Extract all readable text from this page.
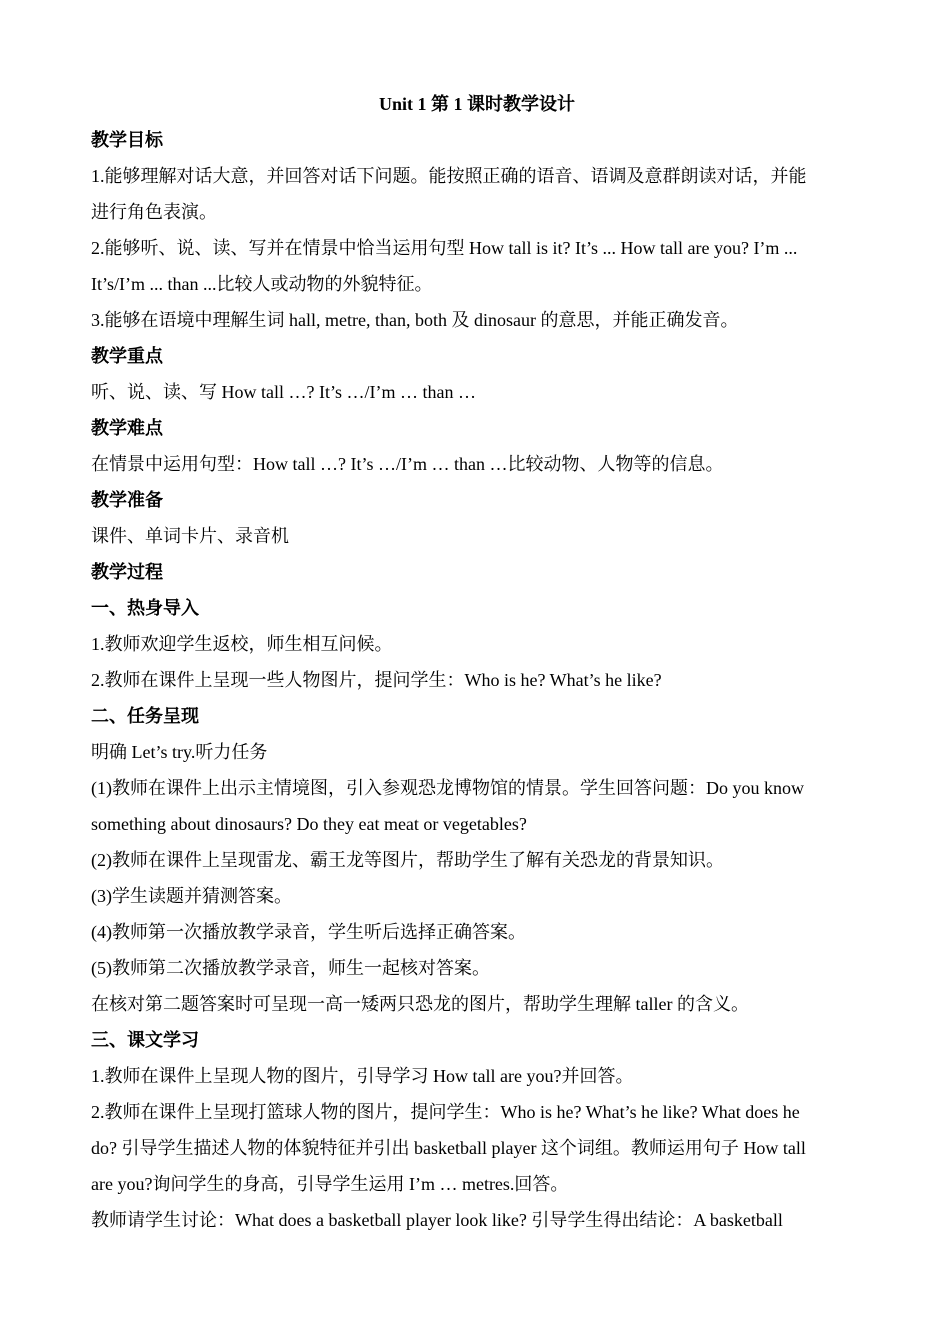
Unit 1 第 1 课时教学设计

教学目标

1.能够理解对话大意，并回答对话下问题。能按照正确的语音、语调及意群朗读对话，并能

进行角色表演。

2.能够听、说、读、写并在情景中恰当运用句型 How tall is it? It’s ... How tall are you? I’m ...

It’s/I’m ... than ...比较人或动物的外貌特征。

3.能够在语境中理解生词 hall, metre, than, both 及 dinosaur 的意思，并能正确发音。

教学重点

听、说、读、写 How tall …? It’s …/I’m … than …

教学难点

在情景中运用句型：How tall …? It’s …/I’m … than …比较动物、人物等的信息。

教学准备

课件、单词卡片、录音机

教学过程

一、热身导入

1.教师欢迎学生返校，师生相互问候。

2.教师在课件上呈现一些人物图片，提问学生：Who is he? What’s he like?

二、任务呈现

明确 Let’s try.听力任务

(1)教师在课件上出示主情境图，引入参观恐龙博物馆的情景。学生回答问题：Do you know

something about dinosaurs? Do they eat meat or vegetables?

(2)教师在课件上呈现雷龙、霸王龙等图片，帮助学生了解有关恐龙的背景知识。

(3)学生读题并猜测答案。

(4)教师第一次播放教学录音，学生听后选择正确答案。

(5)教师第二次播放教学录音，师生一起核对答案。

在核对第二题答案时可呈现一高一矮两只恐龙的图片，帮助学生理解 taller 的含义。

三、课文学习

1.教师在课件上呈现人物的图片，引导学习 How tall are you?并回答。

2.教师在课件上呈现打篮球人物的图片，提问学生：Who is he? What’s he like? What does he

do? 引导学生描述人物的体貌特征并引出 basketball player 这个词组。教师运用句子 How tall

are you?询问学生的身高，引导学生运用 I’m … metres.回答。

教师请学生讨论：What does a basketball player look like? 引导学生得出结论：A basketball
